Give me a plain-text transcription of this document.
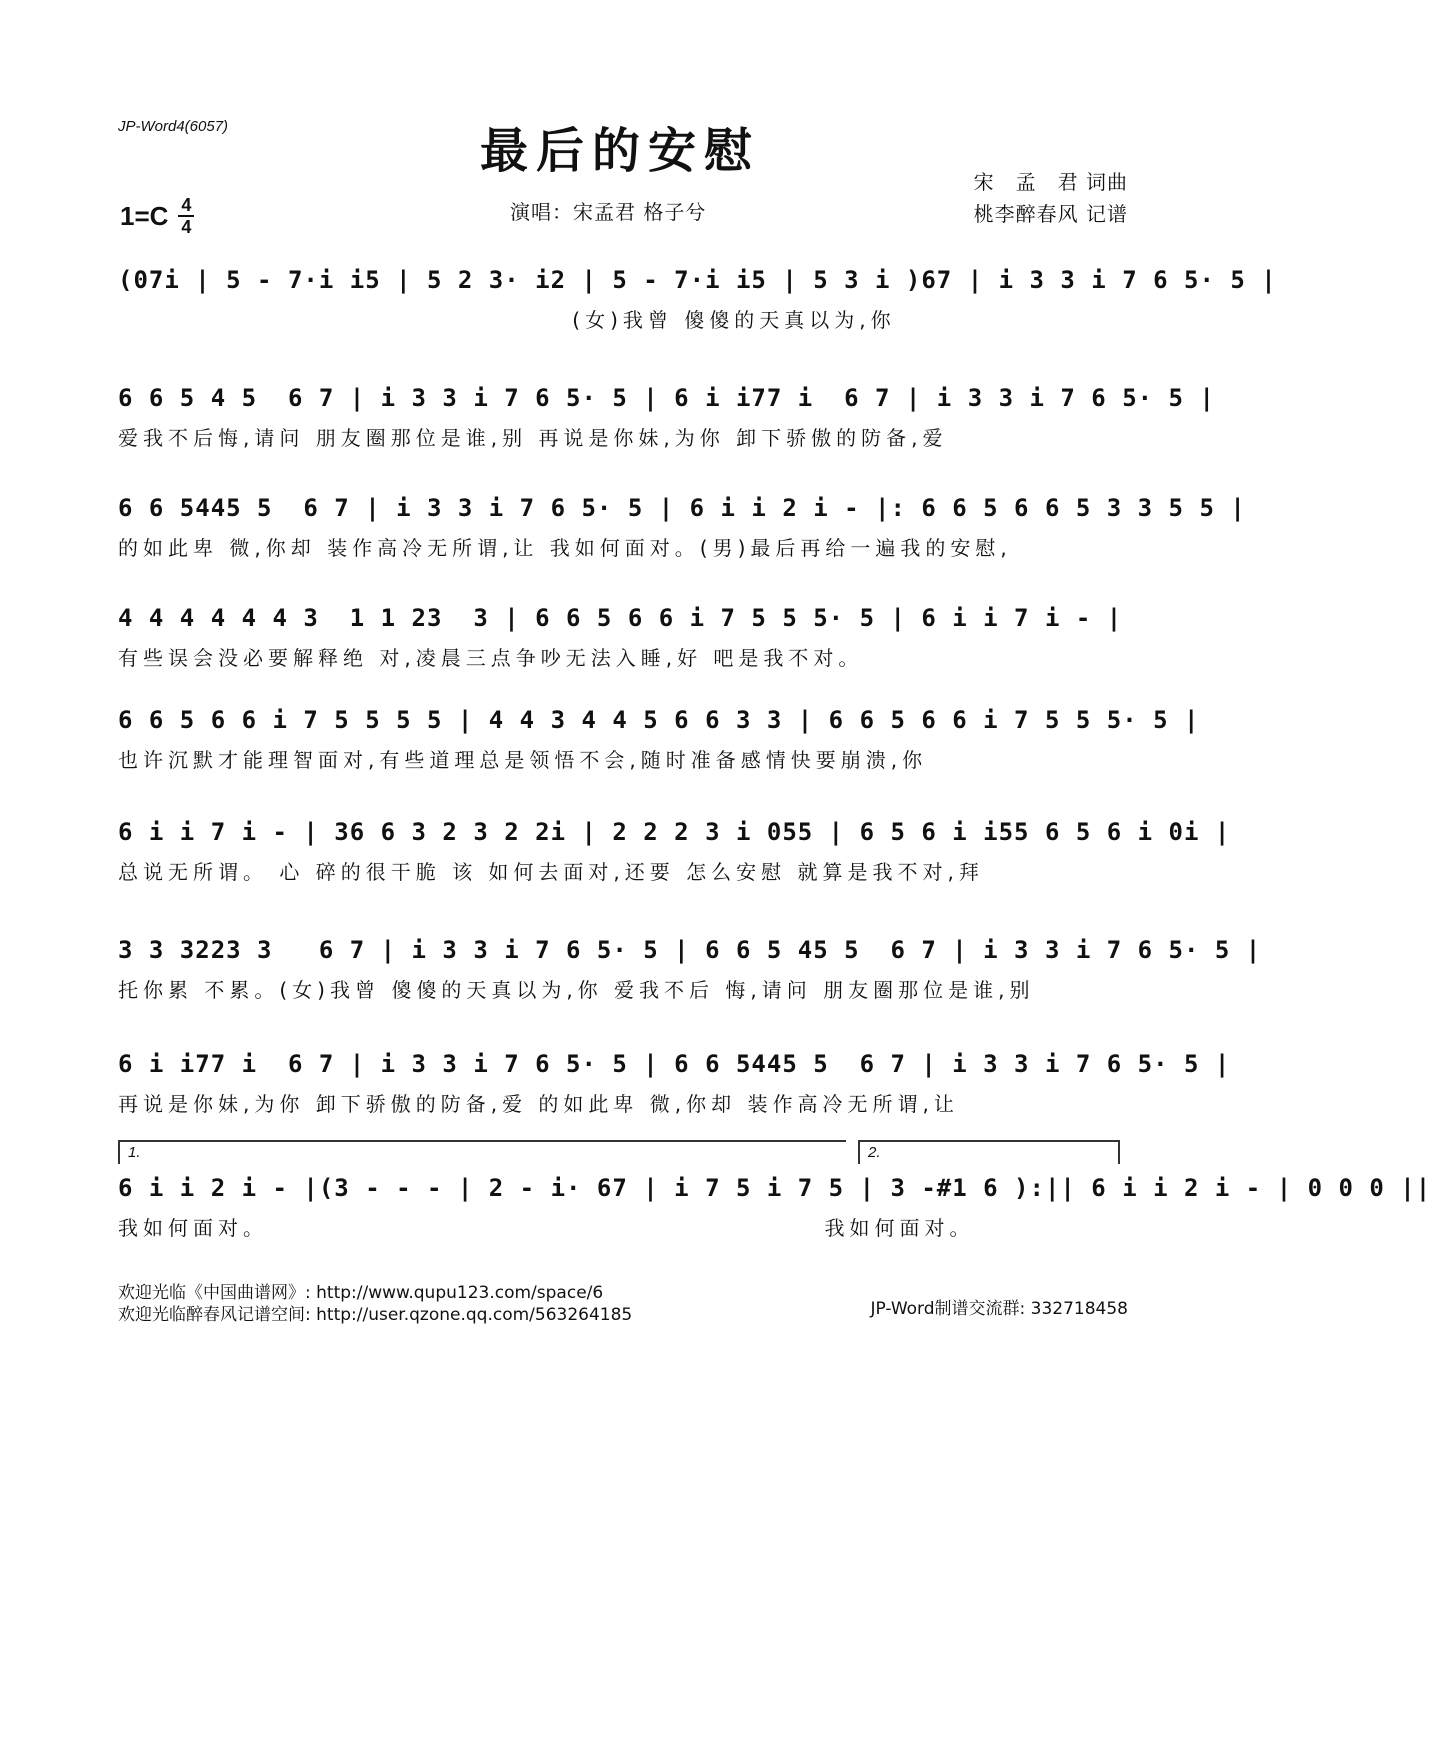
JP-Word4(6057)	最后的安慰
1=C 4
4
演唱：宋孟君 格子兮
宋　孟　君 词曲
桃李醉春风 记谱
(07i | 5 - 7·i i5 | 5 2 3· i2 | 5 - 7·i i5 | 5 3 i )67 | i 3 3 i 7 6 5· 5 |
(女)我曾 傻傻的天真以为,你
6 6 5 4 5  6 7 | i 3 3 i 7 6 5· 5 | 6 i i77 i  6 7 | i 3 3 i 7 6 5· 5 |
爱我不后悔,请问 朋友圈那位是谁,别 再说是你妹,为你 卸下骄傲的防备,爱
6 6 5445 5  6 7 | i 3 3 i 7 6 5· 5 | 6 i i 2 i - |: 6 6 5 6 6 5 3 3 5 5 |
的如此卑 微,你却 装作高冷无所谓,让 我如何面对。(男)最后再给一遍我的安慰,
4 4 4 4 4 4 3  1 1 23  3 | 6 6 5 6 6 i 7 5 5 5· 5 | 6 i i 7 i - |
有些误会没必要解释绝 对,凌晨三点争吵无法入睡,好 吧是我不对。
6 6 5 6 6 i 7 5 5 5 5 | 4 4 3 4 4 5 6 6 3 3 | 6 6 5 6 6 i 7 5 5 5· 5 |
也许沉默才能理智面对,有些道理总是领悟不会,随时准备感情快要崩溃,你
6 i i 7 i - | 36 6 3 2 3 2 2i | 2 2 2 3 i 055 | 6 5 6 i i55 6 5 6 i 0i |
总说无所谓。 心 碎的很干脆 该 如何去面对,还要 怎么安慰 就算是我不对,拜
3 3 3223 3   6 7 | i 3 3 i 7 6 5· 5 | 6 6 5 45 5  6 7 | i 3 3 i 7 6 5· 5 |
托你累 不累。(女)我曾 傻傻的天真以为,你 爱我不后 悔,请问 朋友圈那位是谁,别
6 i i77 i  6 7 | i 3 3 i 7 6 5· 5 | 6 6 5445 5  6 7 | i 3 3 i 7 6 5· 5 |
再说是你妹,为你 卸下骄傲的防备,爱 的如此卑 微,你却 装作高冷无所谓,让
1.	2.
6 i i 2 i - |(3 - - - | 2 - i· 67 | i 7 5 i 7 5 | 3 -#1 6 ):|| 6 i i 2 i - | 0 0 0 ||
我如何面对。                                                 我如何面对。
欢迎光临《中国曲谱网》: http://www.qupu123.com/space/6
欢迎光临醉春风记谱空间: http://user.qzone.qq.com/563264185	JP-Word制谱交流群: 332718458
